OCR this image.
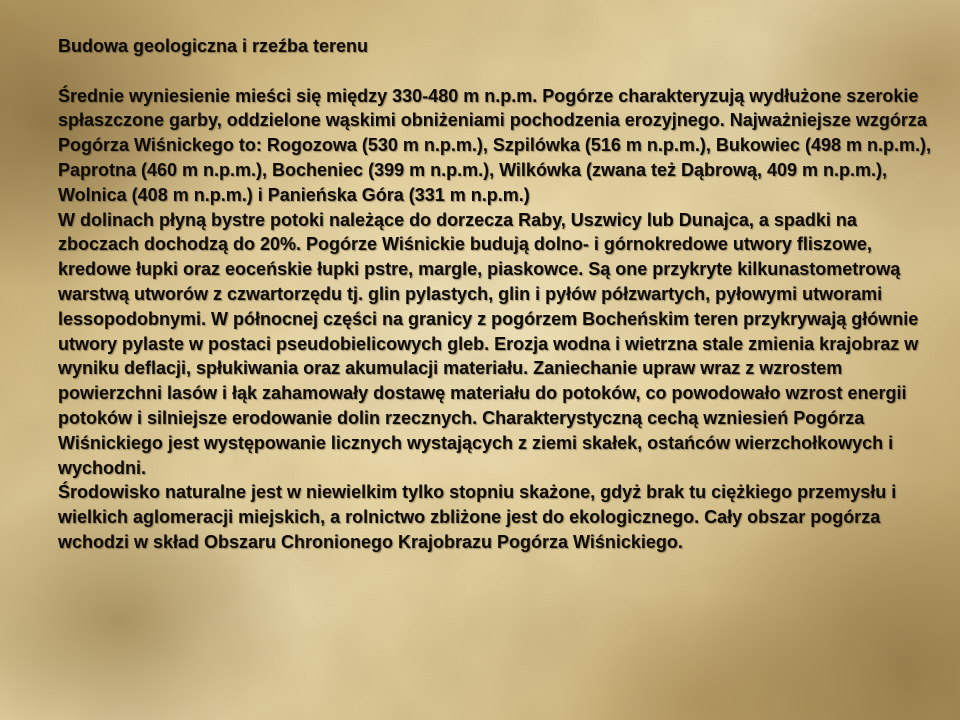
Budowa geologiczna i rzeźba terenu

Średnie wyniesienie mieści się między 330-480 m n.p.m. Pogórze charakteryzują wydłużone szerokie spłaszczone garby, oddzielone wąskimi obniżeniami pochodzenia erozyjnego. Najważniejsze wzgórza Pogórza Wiśnickego to: Rogozowa (530 m n.p.m.), Szpilówka (516 m n.p.m.), Bukowiec (498 m n.p.m.), Paprotna (460 m n.p.m.), Bocheniec (399 m n.p.m.), Wilkówka (zwana też Dąbrową, 409 m n.p.m.), Wolnica (408 m n.p.m.) i Panieńska Góra (331 m n.p.m.)

W dolinach płyną bystre potoki należące do dorzecza Raby, Uszwicy lub Dunajca, a spadki na zboczach dochodzą do 20%. Pogórze Wiśnickie budują dolno- i górnokredowe utwory fliszowe, kredowe łupki oraz eoceńskie łupki pstre, margle, piaskowce. Są one przykryte kilkunastometrową warstwą utworów z czwartorzędu tj. glin pylastych, glin i pyłów półzwartych, pyłowymi utworami lessopodobnymi. W północnej części na granicy z pogórzem Bocheńskim teren przykrywają głównie utwory pylaste w postaci pseudobielicowych gleb. Erozja wodna i wietrzna stale zmienia krajobraz w wyniku deflacji, spłukiwania oraz akumulacji materiału. Zaniechanie upraw wraz z wzrostem powierzchni lasów i łąk zahamowały dostawę materiału do potoków, co powodowało wzrost energii potoków i silniejsze erodowanie dolin rzecznych. Charakterystyczną cechą wzniesień Pogórza Wiśnickiego jest występowanie licznych wystających z ziemi skałek, ostańców wierzchołkowych i wychodni.

Środowisko naturalne jest w niewielkim tylko stopniu skażone, gdyż brak tu ciężkiego przemysłu i wielkich aglomeracji miejskich, a rolnictwo zbliżone jest do ekologicznego. Cały obszar pogórza wchodzi w skład Obszaru Chronionego Krajobrazu Pogórza Wiśnickiego.
